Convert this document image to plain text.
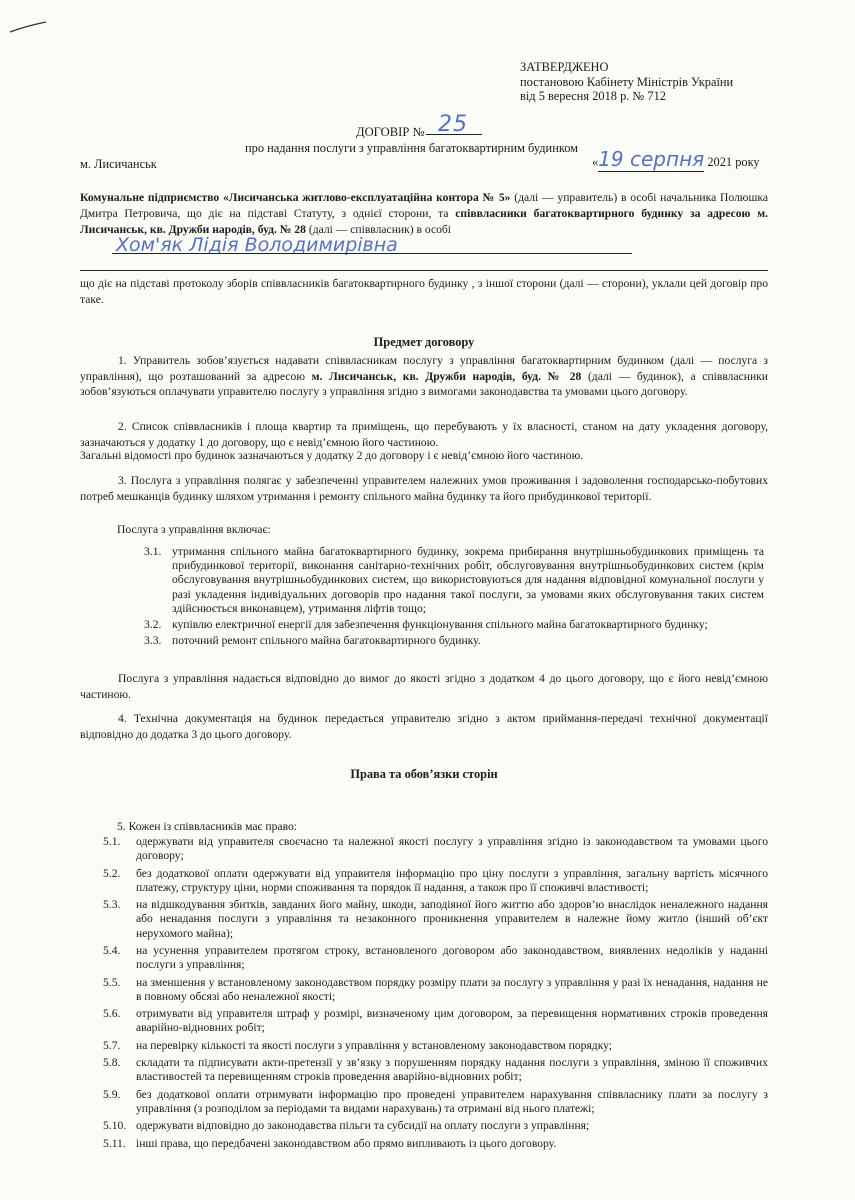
ЗАТВЕРДЖЕНО
постановою Кабінету Міністрів України
від 5 вересня 2018 р. № 712
ДОГОВІР № 25
про надання послуги з управління багатоквартирним будинком
м. Лисичанськ	«19 серпня 2021 року
Комунальне підприємство «Лисичанська житлово-експлуатаційна контора № 5» (далі — управитель) в особі начальника Полюшка Дмитра Петровича, що діє на підставі Статуту, з однієї сторони, та співвласники багатоквартирного будинку за адресою м. Лисичанськ, кв. Дружби народів, буд. № 28 (далі — співвласник) в особі
Хом'як Лідія Володимирівна
що діє на підставі протоколу зборів співвласників багатоквартирного будинку , з іншої сторони (далі — сторони), уклали цей договір про таке.
Предмет договору
1. Управитель зобов’язується надавати співвласникам послугу з управління багатоквартирним будинком (далі — послуга з управління), що розташований за адресою м. Лисичанськ, кв. Дружби народів, буд. № 28 (далі — будинок), а співвласники зобов’язуються оплачувати управителю послугу з управління згідно з вимогами законодавства та умовами цього договору.
2. Список співвласників і площа квартир та приміщень, що перебувають у їх власності, станом на дату укладення договору, зазначаються у додатку 1 до договору, що є невід’ємною його частиною.
Загальні відомості про будинок зазначаються у додатку 2 до договору і є невід’ємною його частиною.
3. Послуга з управління полягає у забезпеченні управителем належних умов проживання і задоволення господарсько-побутових потреб мешканців будинку шляхом утримання і ремонту спільного майна будинку та його прибудинкової території.
Послуга з управління включає:
3.1. утримання спільного майна багатоквартирного будинку, зокрема прибирання внутрішньобудинкових приміщень та прибудинкової території, виконання санітарно-технічних робіт, обслуговування внутрішньобудинкових систем (крім обслуговування внутрішньобудинкових систем, що використовуються для надання відповідної комунальної послуги у разі укладення індивідуальних договорів про надання такої послуги, за умовами яких обслуговування таких систем здійснюється виконавцем), утримання ліфтів тощо;
3.2. купівлю електричної енергії для забезпечення функціонування спільного майна багатоквартирного будинку;
3.3. поточний ремонт спільного майна багатоквартирного будинку.
Послуга з управління надається відповідно до вимог до якості згідно з додатком 4 до цього договору, що є його невід’ємною частиною.
4. Технічна документація на будинок передається управителю згідно з актом приймання-передачі технічної документації відповідно до додатка 3 до цього договору.
Права та обов’язки сторін
5. Кожен із співвласників має право:
5.1.	одержувати від управителя своєчасно та належної якості послугу з управління згідно із законодавством та умовами цього договору;
5.2.	без додаткової оплати одержувати від управителя інформацію про ціну послуги з управління, загальну вартість місячного платежу, структуру ціни, норми споживання та порядок її надання, а також про її споживчі властивості;
5.3.	на відшкодування збитків, завданих його майну, шкоди, заподіяної його життю або здоров’ю внаслідок неналежного надання або ненадання послуги з управління та незаконного проникнення управителем в належне йому житло (інший об’єкт нерухомого майна);
5.4.	на усунення управителем протягом строку, встановленого договором або законодавством, виявлених недоліків у наданні послуги з управління;
5.5.	на зменшення у встановленому законодавством порядку розміру плати за послугу з управління у разі їх ненадання, надання не в повному обсязі або неналежної якості;
5.6.	отримувати від управителя штраф у розмірі, визначеному цим договором, за перевищення нормативних строків проведення аварійно-відновних робіт;
5.7.	на перевірку кількості та якості послуги з управління у встановленому законодавством порядку;
5.8.	складати та підписувати акти-претензії у зв’язку з порушенням порядку надання послуги з управління, зміною її споживчих властивостей та перевищенням строків проведення аварійно-відновних робіт;
5.9.	без додаткової оплати отримувати інформацію про проведені управителем нарахування співвласнику плати за послугу з управління (з розподілом за періодами та видами нарахувань) та отримані від нього платежі;
5.10. одержувати відповідно до законодавства пільги та субсидії на оплату послуги з управління;
5.11. інші права, що передбачені законодавством або прямо випливають із цього договору.
